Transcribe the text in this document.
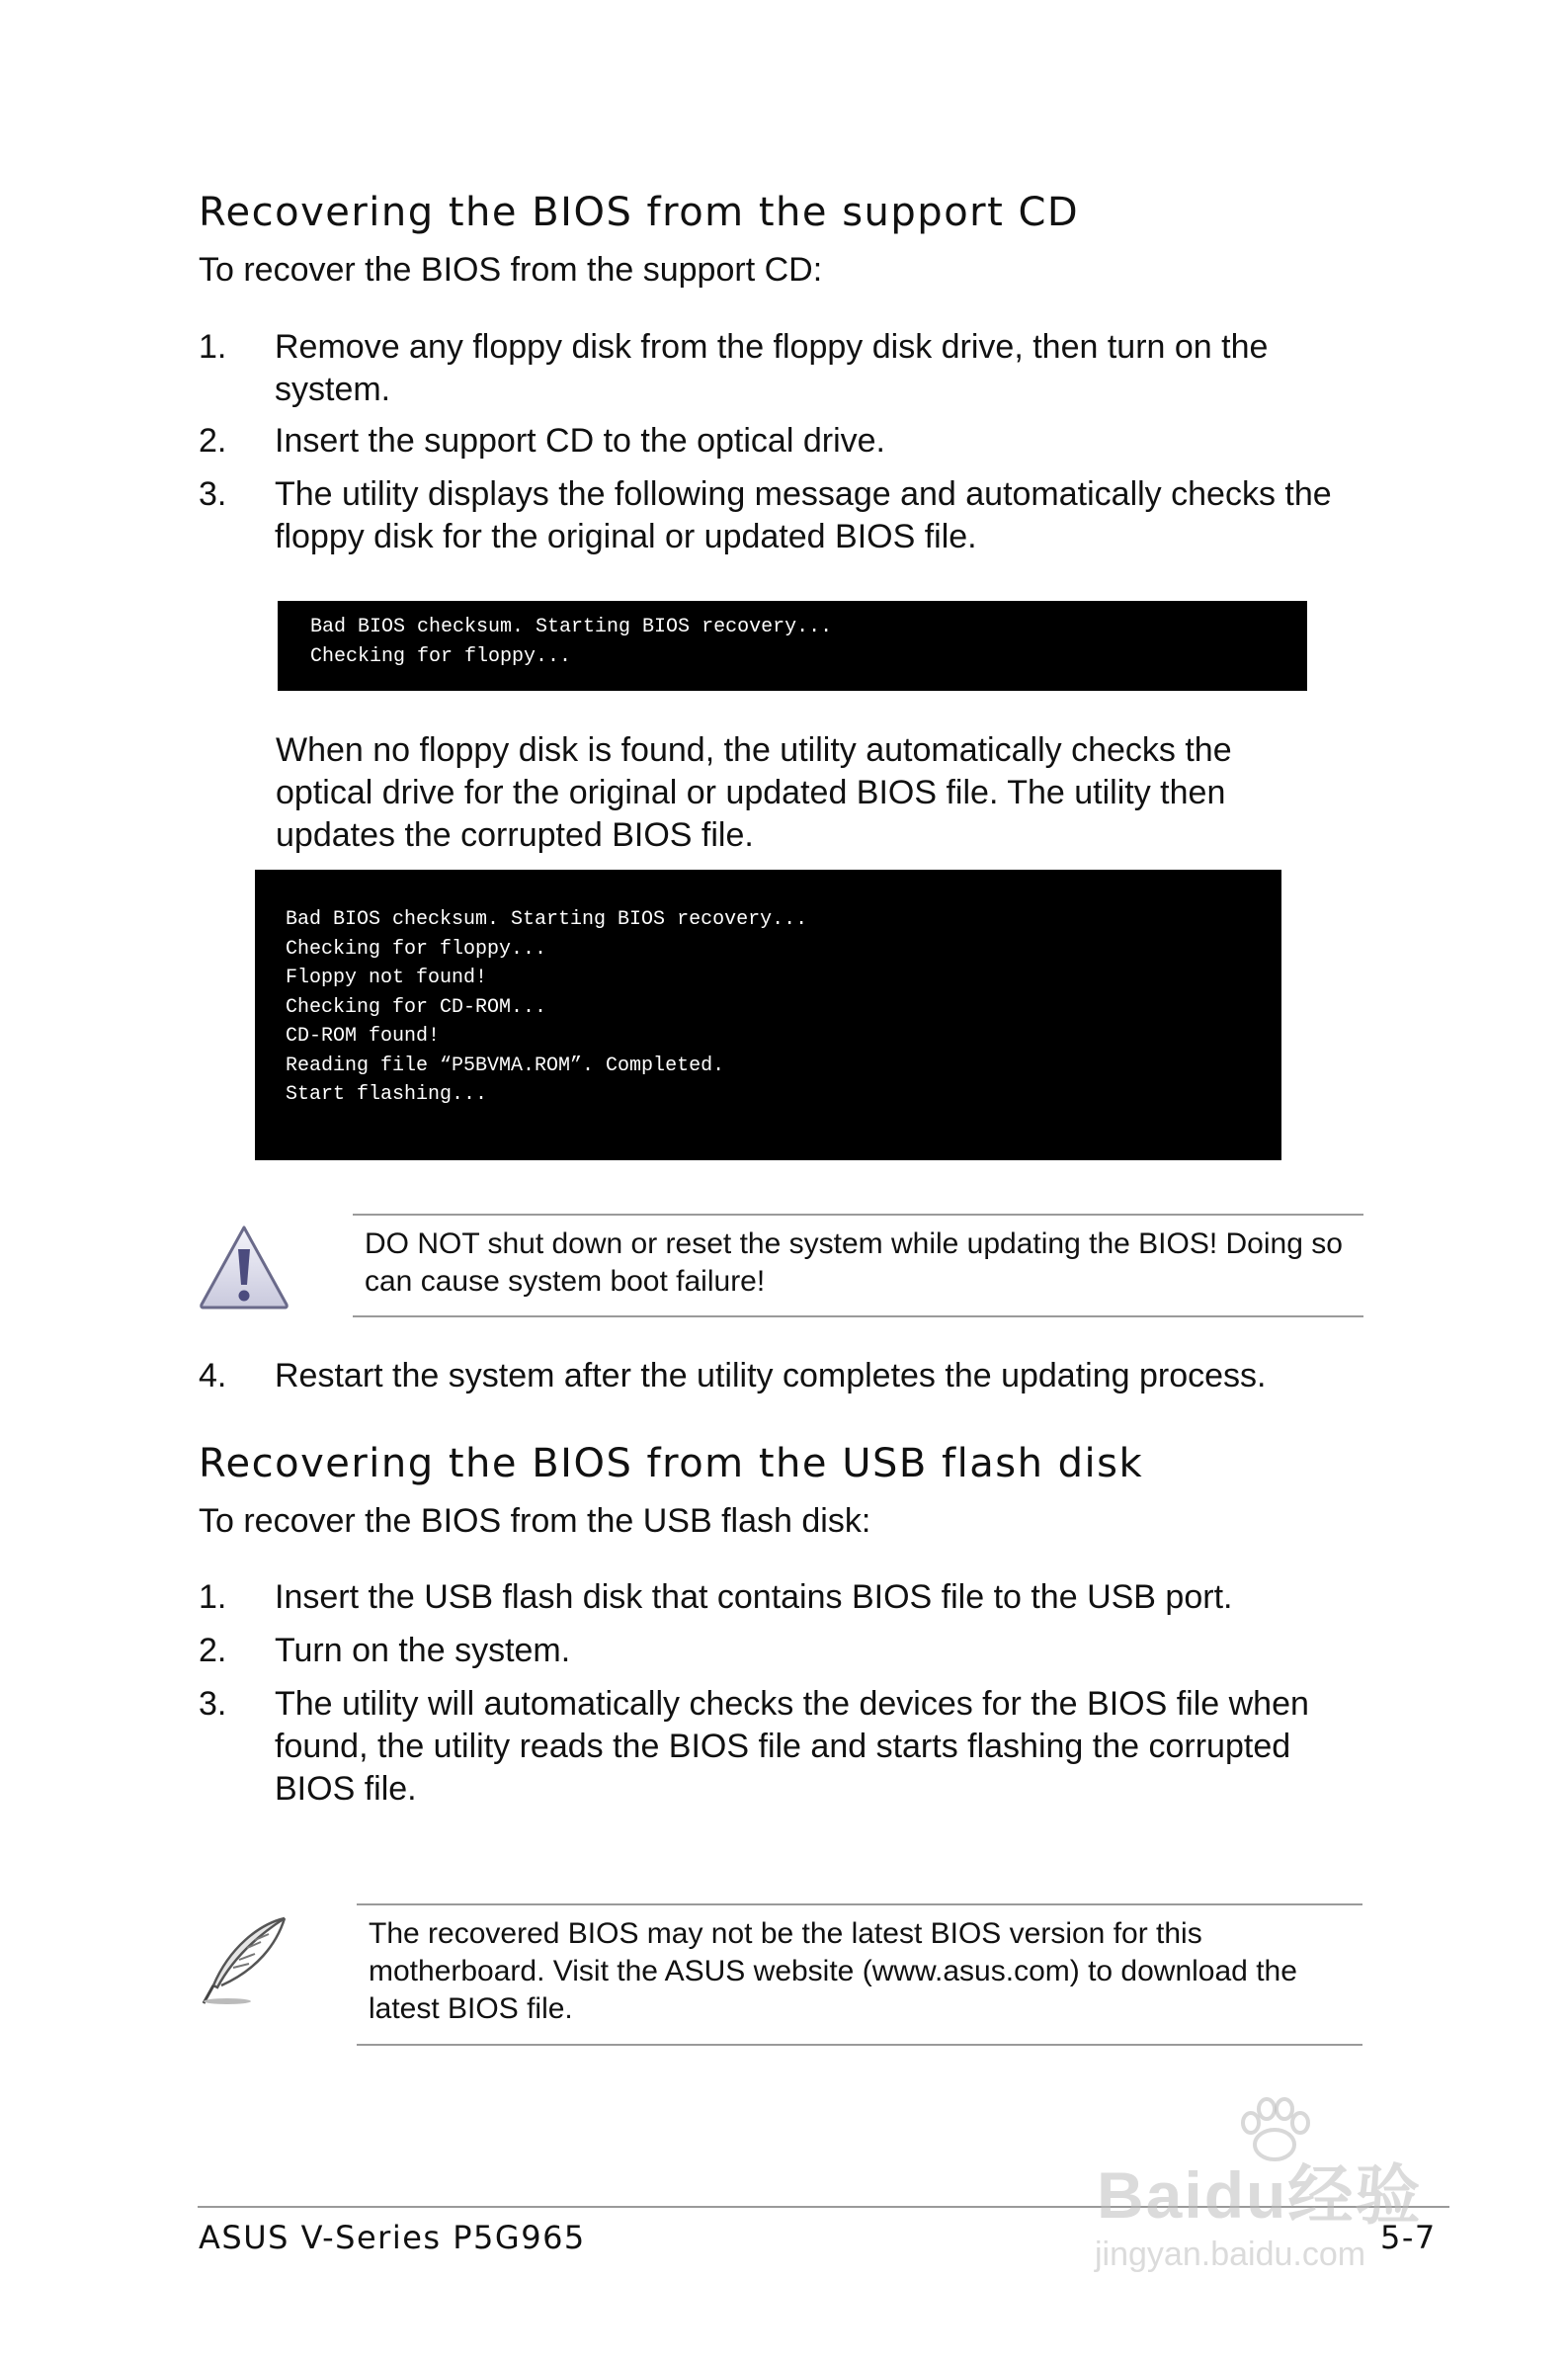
Recovering the BIOS from the support CD
To recover the BIOS from the support CD:
1. Remove any floppy disk from the floppy disk drive, then turn on the system.
2. Insert the support CD to the optical drive.
3. The utility displays the following message and automatically checks the floppy disk for the original or updated BIOS file.
Bad BIOS checksum. Starting BIOS recovery...
Checking for floppy...
When no floppy disk is found, the utility automatically checks the optical drive for the original or updated BIOS file. The utility then updates the corrupted BIOS file.
Bad BIOS checksum. Starting BIOS recovery...
Checking for floppy...
Floppy not found!
Checking for CD-ROM...
CD-ROM found!
Reading file “P5BVMA.ROM”. Completed.
Start flashing...
DO NOT shut down or reset the system while updating the BIOS! Doing so can cause system boot failure!
4. Restart the system after the utility completes the updating process.
Recovering the BIOS from the USB flash disk
To recover the BIOS from the USB flash disk:
1. Insert the USB flash disk that contains BIOS file to the USB port.
2. Turn on the system.
3. The utility will automatically checks the devices for the BIOS file when found, the utility reads the BIOS file and starts flashing the corrupted BIOS file.
The recovered BIOS may not be the latest BIOS version for this motherboard. Visit the ASUS website (www.asus.com) to download the latest BIOS file.
ASUS V-Series P5G965	5-7
Baidu经验
jingyan.baidu.com
